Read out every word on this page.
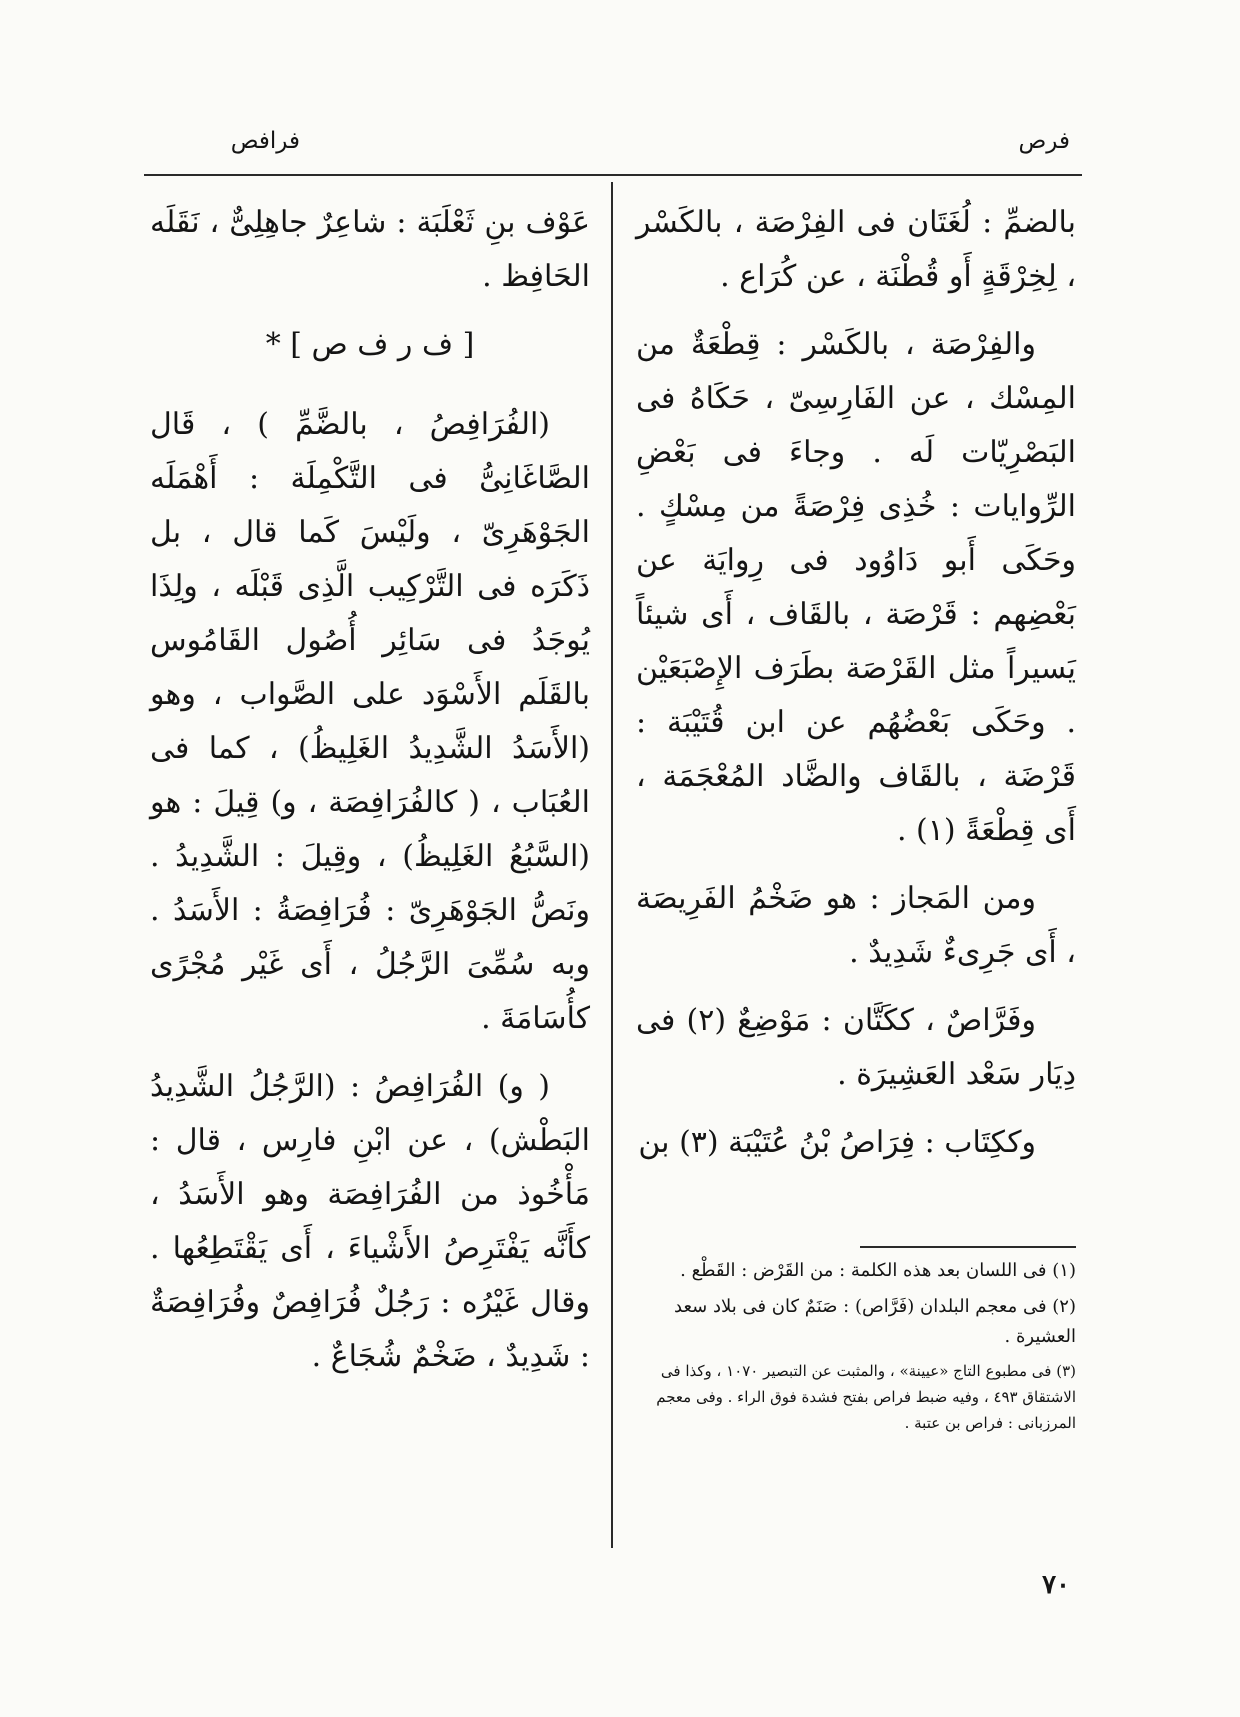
فرص
فرافص

بالضمِّ : لُغَتَان فى الفِرْصَة ، بالكَسْر ، لِخِرْقَةٍ أَو قُطْنَة ، عن كُرَاع .

والفِرْصَة ، بالكَسْر : قِطْعَةٌ من المِسْك ، عن الفَارِسِىّ ، حَكَاهُ فى البَصْرِيّات لَه . وجاءَ فى بَعْضِ الرِّوايات : خُذِى فِرْصَةً من مِسْكٍ . وحَكَى أَبو دَاوُود فى رِوايَة عن بَعْضِهم : قَرْصَة ، بالقَاف ، أَى شيئاً يَسيراً مثل القَرْصَة بطَرَف الإِصْبَعَيْن . وحَكَى بَعْضُهُم عن ابن قُتَيْبَة : قَرْضَة ، بالقَاف والضَّاد المُعْجَمَة ، أَى قِطْعَةً (١) .

ومن المَجاز : هو ضَخْمُ الفَرِيصَة ، أَى جَرِىءٌ شَدِيدٌ .

وفَرَّاصٌ ، ككَتَّان : مَوْضِعٌ (٢) فى دِيَار سَعْد العَشِيرَة .

وككِتَاب : فِرَاصُ بْنُ عُتَيْبَة (٣) بن

عَوْف بنِ ثَعْلَبَة : شاعِرٌ جاهِلِىٌّ ، نَقَلَه الحَافِظ .

[ ف ر ف ص ] *

(الفُرَافِصُ ، بالضَّمِّ ) ، قَال الصَّاغَانِىُّ فى التَّكْمِلَة : أَهْمَلَه الجَوْهَرِىّ ، ولَيْسَ كَما قال ، بل ذَكَرَه فى التَّرْكِيب الَّذِى قَبْلَه ، ولِذَا يُوجَدُ فى سَائِر أُصُول القَامُوس بالقَلَم الأَسْوَد على الصَّواب ، وهو (الأَسَدُ الشَّدِيدُ الغَلِيظُ) ، كما فى العُبَاب ، ( كالفُرَافِصَة ، و) قِيلَ : هو (السَّبُعُ الغَلِيظُ) ، وقِيلَ : الشَّدِيدُ . ونَصُّ الجَوْهَرِىّ : فُرَافِصَةُ : الأَسَدُ . وبه سُمِّىَ الرَّجُلُ ، أَى غَيْر مُجْرًى كأُسَامَةَ .

( و) الفُرَافِصُ : (الرَّجُلُ الشَّدِيدُ البَطْش) ، عن ابْنِ فارِس ، قال : مَأْخُوذ من الفُرَافِصَة وهو الأَسَدُ ، كأَنَّه يَفْتَرِصُ الأَشْياءَ ، أَى يَقْتَطِعُها . وقال غَيْرُه : رَجُلٌ فُرَافِصٌ وفُرَافِصَةٌ : شَدِيدٌ ، ضَخْمٌ شُجَاعٌ .

(١) فى اللسان بعد هذه الكلمة : من القَرْض : القَطْع .

(٢) فى معجم البلدان (فَرَّاص) : صَنَمٌ كان فى بلاد سعد العشيرة .

(٣) فى مطبوع التاج «عيينة» ، والمثبت عن التبصير ١٠٧٠ ، وكذا فى الاشتقاق ٤٩٣ ، وفيه ضبط فراص بفتح فشدة فوق الراء . وفى معجم المرزبانى : فراص بن عتبة .

٧٠
